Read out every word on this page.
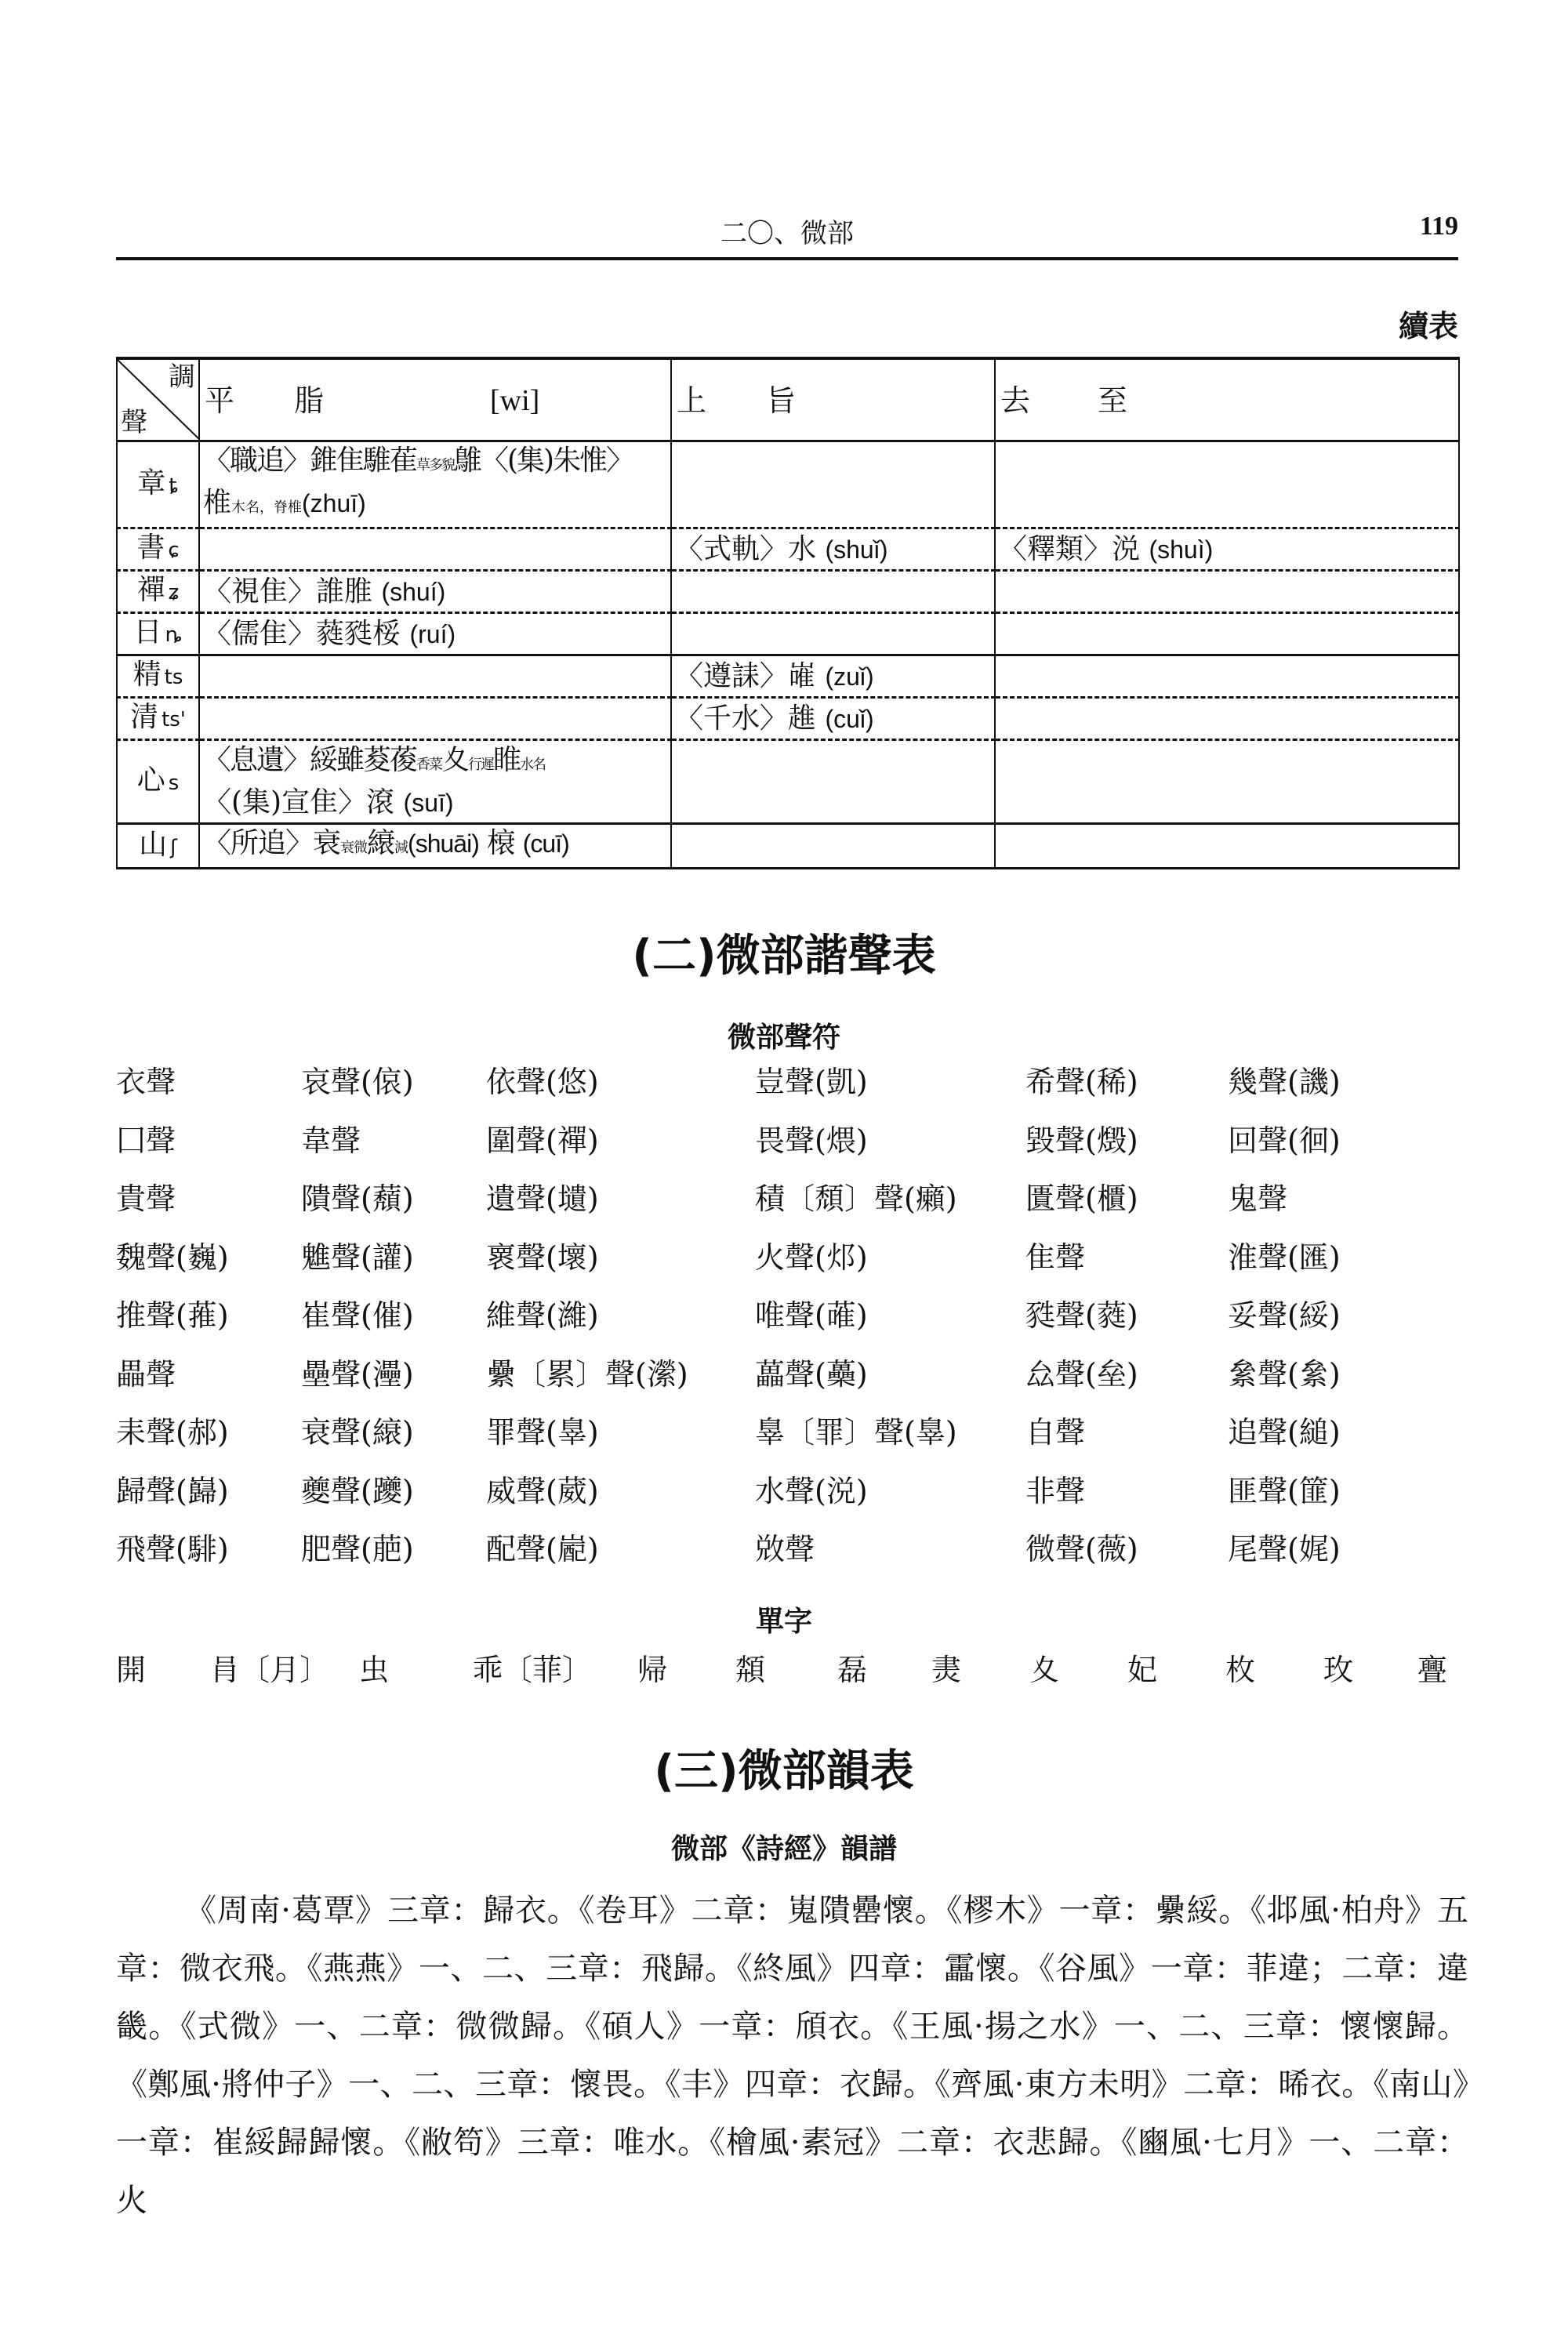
二〇、微部	119
續表
調
聲	平 脂 [wi]	上 旨	去 至

章 ȶ	〈職追〉錐隹騅萑草多貌鵻〈(集)朱惟〉
椎木名，脊椎(zhuī)		

書 ɕ		〈式軌〉水 (shuǐ)	〈釋類〉涚 (shuì)
禪 ʑ	〈視隹〉誰脽 (shuí)		
日 ȵ	〈儒隹〉蕤甤桵 (ruí)		
精 ts		〈遵誄〉嶉 (zuǐ)	
清 ts'		〈千水〉趡 (cuǐ)	
心 s	〈息遺〉綏雖荾葰香菜夊行遲睢水名
〈(集)宣隹〉滾 (suī)		

山 ʃ	〈所追〉衰衰微縗減(shuāi) 榱 (cuī)		
(二)微部諧聲表
微部聲符
衣聲	哀聲(偯) 依聲(悠)	豈聲(凱)	希聲(稀)	幾聲(譏)
囗聲	韋聲	圍聲(禪)	畏聲(煨)	毀聲(燬)	回聲(徊)
貴聲	隤聲(蘈) 遺聲(壝)	積〔頹〕聲(癩) 匱聲(櫃)	鬼聲
魏聲(巍) 魋聲(讙) 褱聲(壞)	火聲(邩)	隹聲	淮聲(匯)
推聲(蓷) 崔聲(催) 維聲(濰)	唯聲(蓶)	甤聲(蕤)	妥聲(綏)
畾聲	壘聲(灅) 纍〔累〕聲(瀠) 藟聲(蘽)	厽聲(垒)	絫聲(絫)
耒聲(郝) 衰聲(縗) 罪聲(辠)	辠〔罪〕聲(辠) 自聲	追聲(縋)
歸聲(巋) 夔聲(躨) 威聲(葳)	水聲(涚)	非聲	匪聲(篚)
飛聲(騑) 肥聲(萉) 配聲(嶏)	敚聲	微聲(薇)	尾聲(娓)
單字
開 肙〔月〕 虫	乖〔菲〕 帰 頮 磊 㶳 夊 妃 枚 玫 亹
(三)微部韻表
微部《詩經》韻譜
《周南·葛覃》三章：歸衣。《卷耳》二章：嵬隤罍懷。《樛木》一章：纍綏。《邶風·柏舟》五章：微衣飛。《燕燕》一、二、三章：飛歸。《終風》四章：靁懷。《谷風》一章：菲違；二章：違畿。《式微》一、二章：微微歸。《碩人》一章：頎衣。《王風·揚之水》一、二、三章：懷懷歸。《鄭風·將仲子》一、二、三章：懷畏。《丰》四章：衣歸。《齊風·東方未明》二章：晞衣。《南山》一章：崔綏歸歸懷。《敝笱》三章：唯水。《檜風·素冠》二章：衣悲歸。《豳風·七月》一、二章：火
